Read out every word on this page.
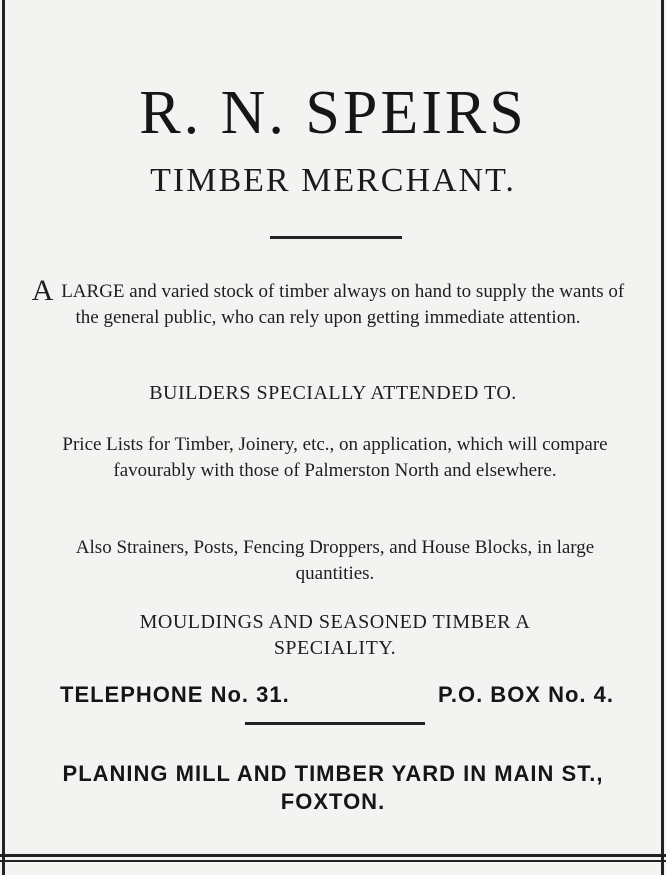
R. N. SPEIRS
TIMBER MERCHANT.
A LARGE and varied stock of timber always on hand to supply the wants of the general public, who can rely upon getting immediate attention.
BUILDERS SPECIALLY ATTENDED TO.
Price Lists for Timber, Joinery, etc., on application, which will compare favourably with those of Palmerston North and elsewhere.
Also Strainers, Posts, Fencing Droppers, and House Blocks, in large quantities.
MOULDINGS AND SEASONED TIMBER A SPECIALITY.
TELEPHONE No. 31.	P.O. BOX No. 4.
PLANING MILL AND TIMBER YARD IN MAIN ST., FOXTON.
